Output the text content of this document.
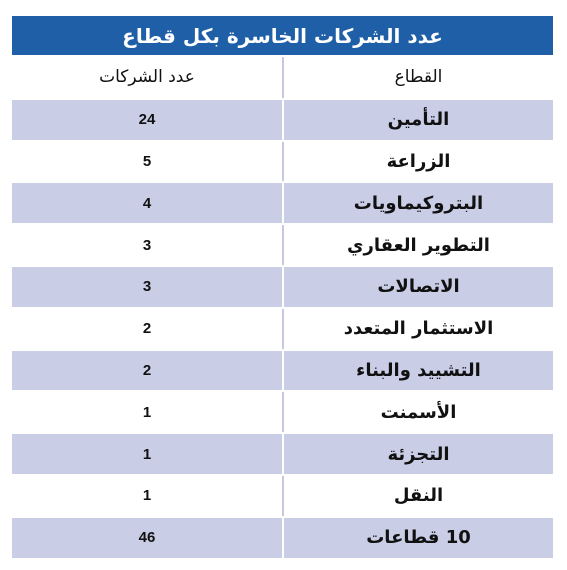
عدد الشركات الخاسرة بكل قطاع
القطاع	عدد الشركات
التأمين	24
الزراعة	5
البتروكيماويات	4
التطوير العقاري	3
الاتصالات	3
الاستثمار المتعدد	2
التشييد والبناء	2
الأسمنت	1
التجزئة	1
النقل	1
10 قطاعات	46
